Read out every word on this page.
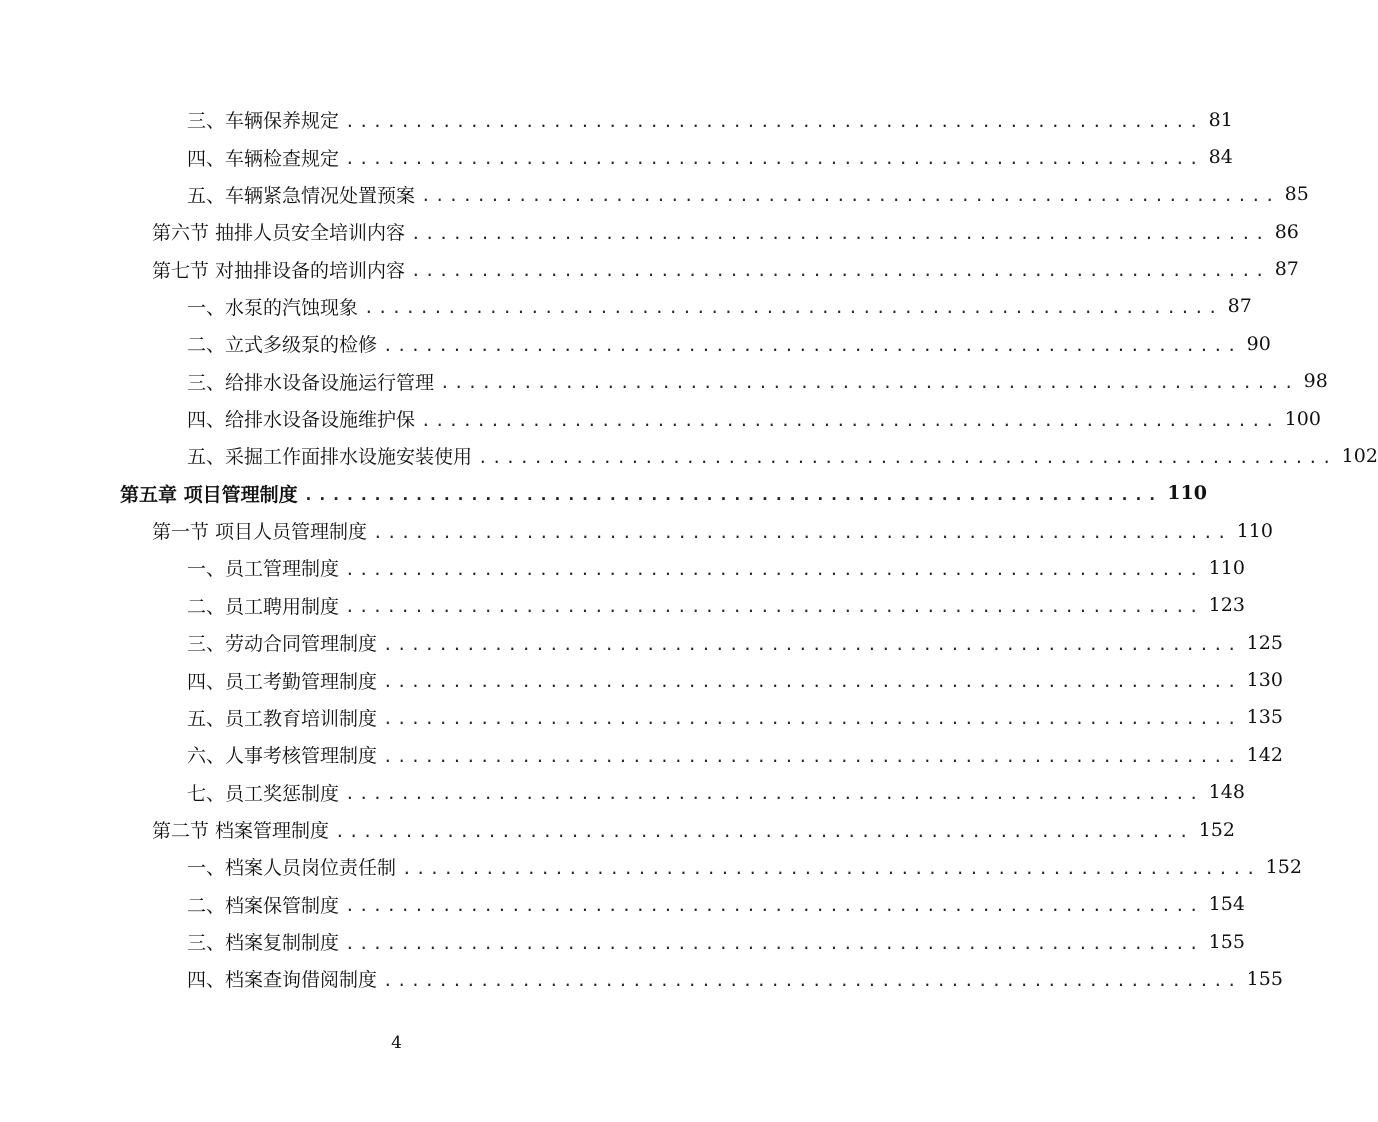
三、车辆保养规定 .............................................................. 81
四、车辆检查规定 .............................................................. 84
五、车辆紧急情况处置预案 .............................................................. 85
第六节 抽排人员安全培训内容 .............................................................. 86
第七节 对抽排设备的培训内容 .............................................................. 87
一、水泵的汽蚀现象 .............................................................. 87
二、立式多级泵的检修 .............................................................. 90
三、给排水设备设施运行管理 .............................................................. 98
四、给排水设备设施维护保 .............................................................. 100
五、采掘工作面排水设施安装使用 .............................................................. 102
第五章 项目管理制度 .............................................................. 110
第一节 项目人员管理制度 .............................................................. 110
一、员工管理制度 .............................................................. 110
二、员工聘用制度 .............................................................. 123
三、劳动合同管理制度 .............................................................. 125
四、员工考勤管理制度 .............................................................. 130
五、员工教育培训制度 .............................................................. 135
六、人事考核管理制度 .............................................................. 142
七、员工奖惩制度 .............................................................. 148
第二节 档案管理制度 .............................................................. 152
一、档案人员岗位责任制 .............................................................. 152
二、档案保管制度 .............................................................. 154
三、档案复制制度 .............................................................. 155
四、档案查询借阅制度 .............................................................. 155
4
